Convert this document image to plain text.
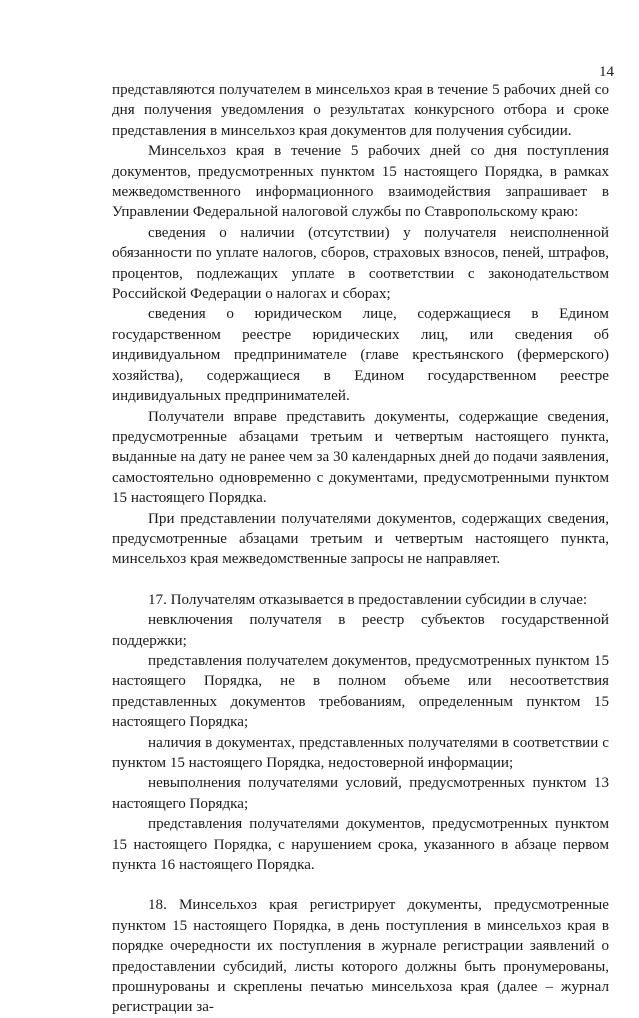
14

представляются получателем в минсельхоз края в течение 5 рабочих дней со дня получения уведомления о результатах конкурсного отбора и сроке представления в минсельхоз края документов для получения субсидии.

Минсельхоз края в течение 5 рабочих дней со дня поступления документов, предусмотренных пунктом 15 настоящего Порядка, в рамках межведомственного информационного взаимодействия запрашивает в Управлении Федеральной налоговой службы по Ставропольскому краю:

сведения о наличии (отсутствии) у получателя неисполненной обязанности по уплате налогов, сборов, страховых взносов, пеней, штрафов, процентов, подлежащих уплате в соответствии с законодательством Российской Федерации о налогах и сборах;

сведения о юридическом лице, содержащиеся в Едином государственном реестре юридических лиц, или сведения об индивидуальном предпринимателе (главе крестьянского (фермерского) хозяйства), содержащиеся в Едином государственном реестре индивидуальных предпринимателей.

Получатели вправе представить документы, содержащие сведения, предусмотренные абзацами третьим и четвертым настоящего пункта, выданные на дату не ранее чем за 30 календарных дней до подачи заявления, самостоятельно одновременно с документами, предусмотренными пунктом 15 настоящего Порядка.

При представлении получателями документов, содержащих сведения, предусмотренные абзацами третьим и четвертым настоящего пункта, минсельхоз края межведомственные запросы не направляет.

17. Получателям отказывается в предоставлении субсидии в случае:

невключения получателя в реестр субъектов государственной поддержки;

представления получателем документов, предусмотренных пунктом 15 настоящего Порядка, не в полном объеме или несоответствия представленных документов требованиям, определенным пунктом 15 настоящего Порядка;

наличия в документах, представленных получателями в соответствии с пунктом 15 настоящего Порядка, недостоверной информации;

невыполнения получателями условий, предусмотренных пунктом 13 настоящего Порядка;

представления получателями документов, предусмотренных пунктом 15 настоящего Порядка, с нарушением срока, указанного в абзаце первом пункта 16 настоящего Порядка.

18. Минсельхоз края регистрирует документы, предусмотренные пунктом 15 настоящего Порядка, в день поступления в минсельхоз края в порядке очередности их поступления в журнале регистрации заявлений о предоставлении субсидий, листы которого должны быть пронумерованы, прошнурованы и скреплены печатью минсельхоза края (далее – журнал регистрации за-
